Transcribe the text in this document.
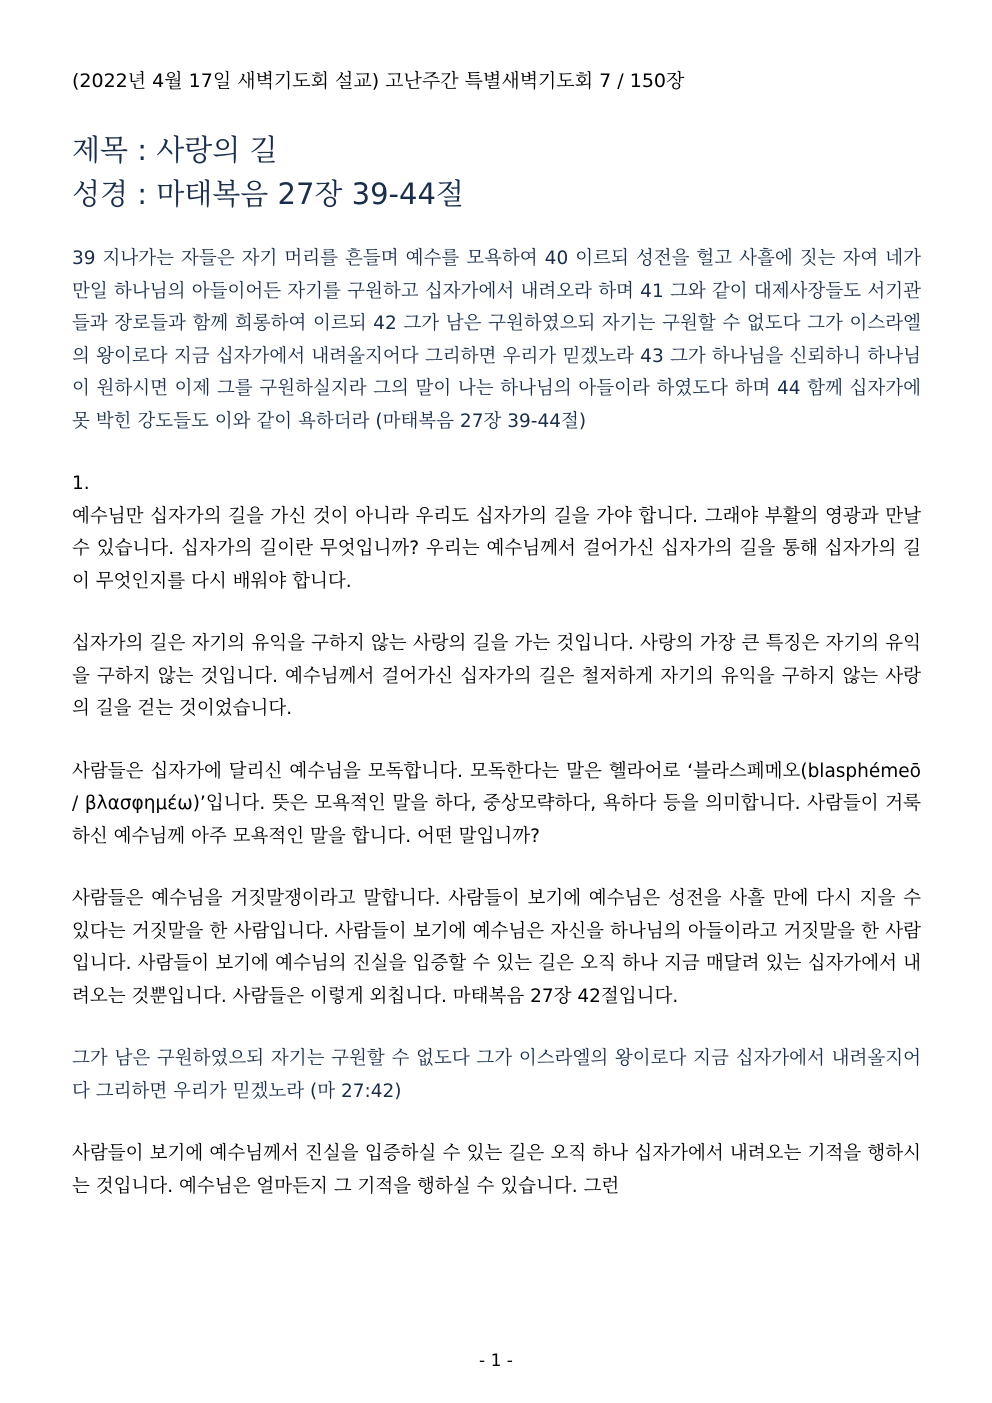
(2022년 4월 17일 새벽기도회 설교) 고난주간 특별새벽기도회 7 / 150장
제목 : 사랑의 길
성경 : 마태복음 27장 39-44절

39 지나가는 자들은 자기 머리를 흔들며 예수를 모욕하여 40 이르되 성전을 헐고 사흘에 짓는 자여 네가 만일 하나님의 아들이어든 자기를 구원하고 십자가에서 내려오라 하며 41 그와 같이 대제사장들도 서기관들과 장로들과 함께 희롱하여 이르되 42 그가 남은 구원하였으되 자기는 구원할 수 없도다 그가 이스라엘의 왕이로다 지금 십자가에서 내려올지어다 그리하면 우리가 믿겠노라 43 그가 하나님을 신뢰하니 하나님이 원하시면 이제 그를 구원하실지라 그의 말이 나는 하나님의 아들이라 하였도다 하며 44 함께 십자가에 못 박힌 강도들도 이와 같이 욕하더라 (마태복음 27장 39-44절)

1.

예수님만 십자가의 길을 가신 것이 아니라 우리도 십자가의 길을 가야 합니다. 그래야 부활의 영광과 만날 수 있습니다. 십자가의 길이란 무엇입니까? 우리는 예수님께서 걸어가신 십자가의 길을 통해 십자가의 길이 무엇인지를 다시 배워야 합니다.

십자가의 길은 자기의 유익을 구하지 않는 사랑의 길을 가는 것입니다. 사랑의 가장 큰 특징은 자기의 유익을 구하지 않는 것입니다. 예수님께서 걸어가신 십자가의 길은 철저하게 자기의 유익을 구하지 않는 사랑의 길을 걷는 것이었습니다.

사람들은 십자가에 달리신 예수님을 모독합니다. 모독한다는 말은 헬라어로 ‘블라스페메오(blasphémeō / βλασφημέω)’입니다. 뜻은 모욕적인 말을 하다, 중상모략하다, 욕하다 등을 의미합니다. 사람들이 거룩하신 예수님께 아주 모욕적인 말을 합니다. 어떤 말입니까?

사람들은 예수님을 거짓말쟁이라고 말합니다. 사람들이 보기에 예수님은 성전을 사흘 만에 다시 지을 수 있다는 거짓말을 한 사람입니다. 사람들이 보기에 예수님은 자신을 하나님의 아들이라고 거짓말을 한 사람입니다. 사람들이 보기에 예수님의 진실을 입증할 수 있는 길은 오직 하나 지금 매달려 있는 십자가에서 내려오는 것뿐입니다. 사람들은 이렇게 외칩니다. 마태복음 27장 42절입니다.

그가 남은 구원하였으되 자기는 구원할 수 없도다 그가 이스라엘의 왕이로다 지금 십자가에서 내려올지어다 그리하면 우리가 믿겠노라 (마 27:42)

사람들이 보기에 예수님께서 진실을 입증하실 수 있는 길은 오직 하나 십자가에서 내려오는 기적을 행하시는 것입니다. 예수님은 얼마든지 그 기적을 행하실 수 있습니다. 그런

- 1 -
